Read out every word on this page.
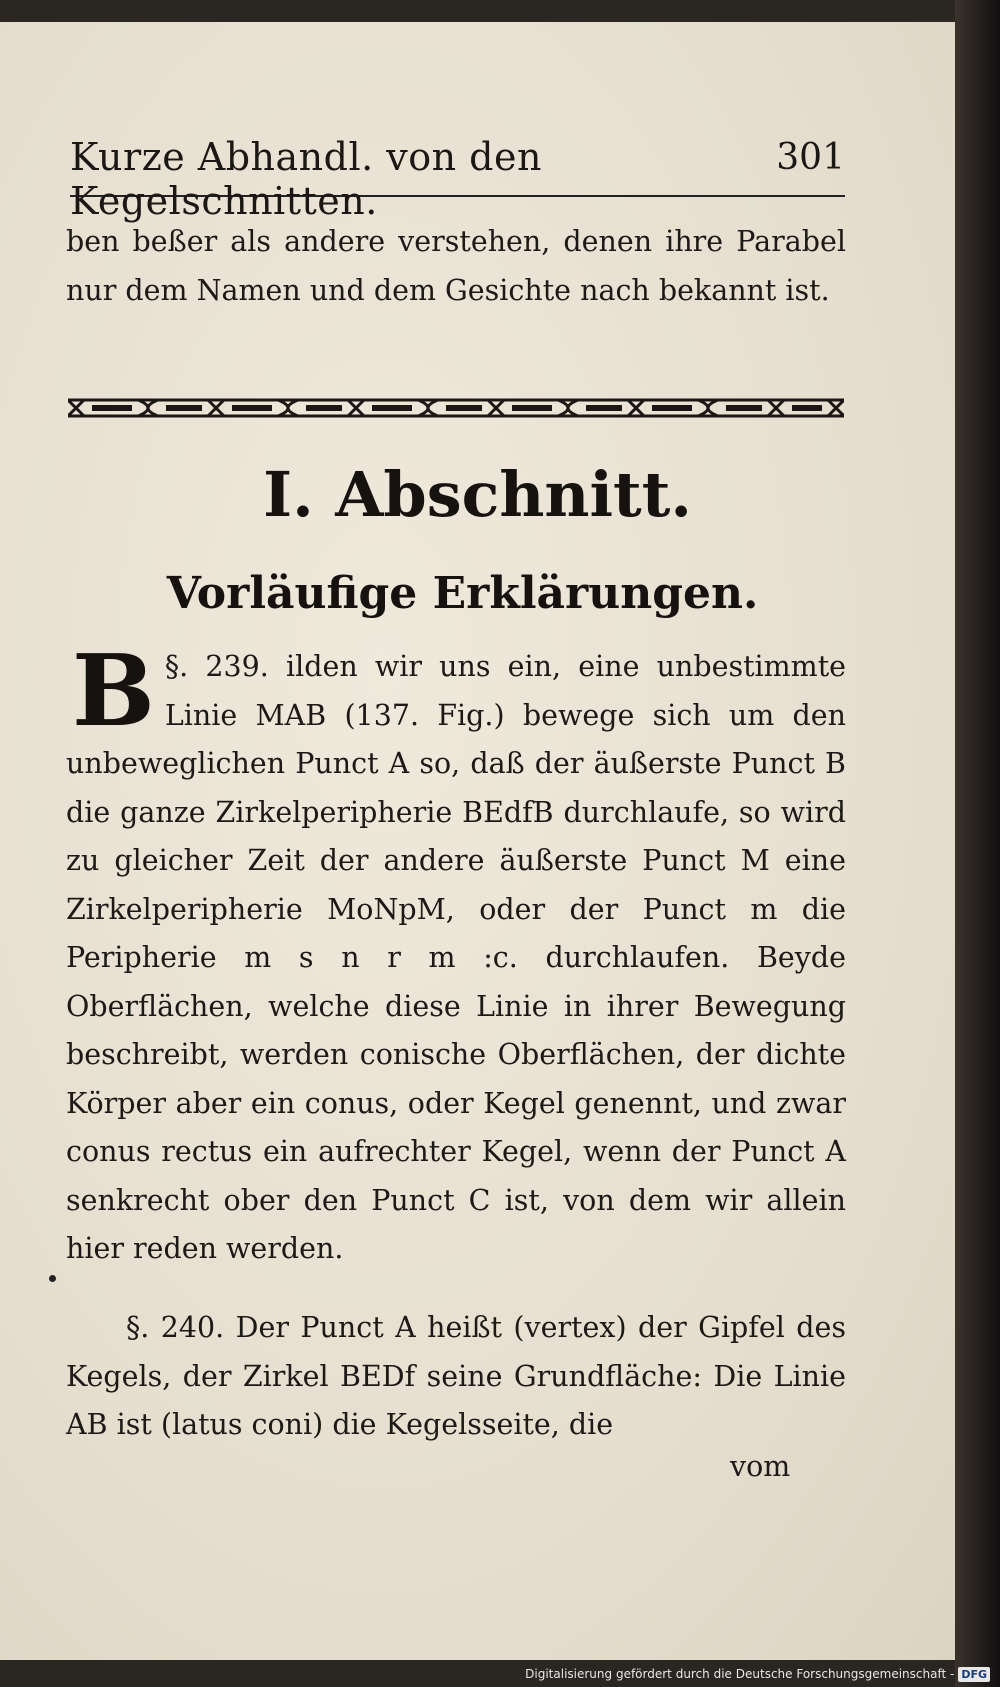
Kurze Abhandl. von den Kegelschnitten.
301
ben beßer als andere verstehen, denen ihre Parabel nur dem Namen und dem Gesichte nach bekannt ist.
I. Abschnitt.
Vorläufige Erklärungen.
§. 239.
B	ilden wir uns ein, eine unbestimmte Linie MAB (137. Fig.) bewege sich um den unbeweglichen Punct A so, daß der äußerste Punct B die ganze Zirkelperipherie BEdfB durchlaufe, so wird zu gleicher Zeit der andere äußerste Punct M eine Zirkelperipherie MoNpM, oder der Punct m die Peripherie m s n r m :c. durchlaufen. Beyde Oberflächen, welche diese Linie in ihrer Bewegung beschreibt, werden conische Oberflächen, der dichte Körper aber ein conus, oder Kegel genennt, und zwar conus rectus ein aufrechter Kegel, wenn der Punct A senkrecht ober den Punct C ist, von dem wir allein hier reden werden.
§. 240. Der Punct A heißt (vertex) der Gipfel des Kegels, der Zirkel BEDf seine Grundfläche: Die Linie AB ist (latus coni) die Kegelsseite, die
vom
Digitalisierung gefördert durch die Deutsche Forschungsgemeinschaft - DFG
